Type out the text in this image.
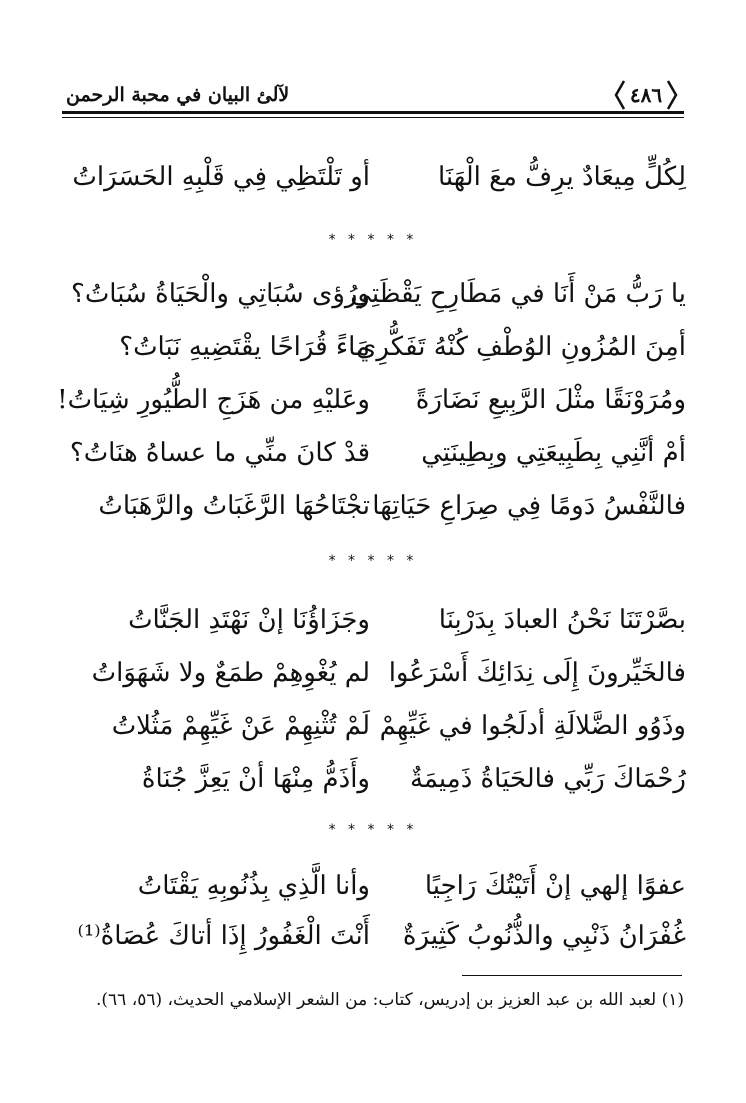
لآلئ البيان في محبة الرحمن	٤٨٦
لِكُلٍّ مِيعَادٌ يرِفُّ معَ الْهَنَا
أو تَلْتَظِي فِي قَلْبِهِ الحَسَرَاتُ
* * * * *
يا رَبُّ مَنْ أَنَا في مَطَارِحِ يَقْظَتِي
ورُؤى سُبَاتِي والْحَيَاةُ سُبَاتُ؟
أمِنَ المُزُونِ الوُطْفِ كُنْهُ تَفَكُّرِي
مَاءً قُرَاحًا يقْتَضِيهِ نَبَاتُ؟
ومُرَوْنَقًا مثْلَ الرَّبِيعِ نَضَارَةً
وعَليْهِ من هَزَجِ الطُّيُورِ شِيَاتُ!
أمْ أنَّنِي بِطَبِيعَتِي وبِطِينَتِي
قدْ كانَ منِّي ما عساهُ هنَاتُ؟
فالنَّفْسُ دَومًا فِي صِرَاعِ حَيَاتِهَا
تجْتَاحُهَا الرَّغَبَاتُ والرَّهَبَاتُ
* * * * *
بصَّرْتَنَا نَحْنُ العبادَ بِدَرْبِنَا
وجَزَاؤُنَا إنْ نَهْتَدِ الجَنَّاتُ
فالخَيِّرونَ إِلَى نِدَائِكَ أَسْرَعُوا
لم يُغْوِهِمْ طمَعٌ ولا شَهَوَاتُ
وذَوُو الضَّلالَةِ أدلَجُوا في غَيِّهِمْ
لَمْ تُثْنِهِمْ عَنْ غَيِّهِمْ مَثُلاتُ
رُحْمَاكَ رَبِّي فالحَيَاةُ ذَمِيمَةٌ
وأَذَمُّ مِنْهَا أنْ يَعِزَّ جُنَاةُ
* * * * *
عفوًا إلهي إنْ أَتَيْتُكَ رَاجِيًا
وأنا الَّذِي بِذُنُوبِهِ يَقْتَاتُ
غُفْرَانُ ذَنْبِي والذُّنُوبُ كَثِيرَةٌ
أَنْتَ الْغَفُورُ إِذَا أتاكَ عُصَاةُ⁽¹⁾
(١) لعبد الله بن عبد العزيز بن إدريس، كتاب: من الشعر الإسلامي الحديث، (٥٦، ٦٦).
